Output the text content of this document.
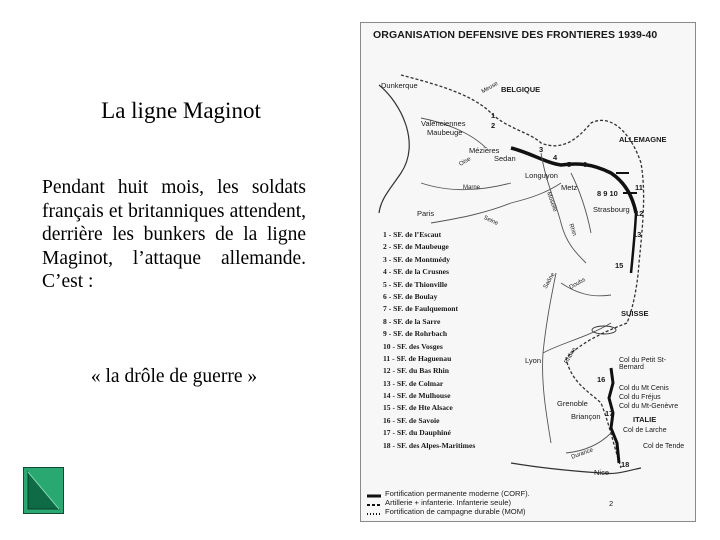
La ligne Maginot

Pendant huit mois, les soldats français et britanniques attendent, derrière les bunkers de la ligne Maginot, l’attaque allemande. C’est :

« la drôle de guerre »
ORGANISATION DEFENSIVE DES FRONTIERES 1939-40
Dunkerque	BELGIQUE
Valenciennes
Maubeuge
Mézières
Sedan
Longuyon
Metz
ALLEMAGNE
Strasbourg
Paris
SUISSE
Lyon
Grenoble
Briançon	ITALIE
Nice
Col du Petit St-Bernard
Col du Mt Cenis
Col du Fréjus
Col du Mt-Genèvre
Col de Larche
Col de Tende
Oise
Meuse
Marne
Seine
Moselle
Rhin
Saône Doubs
Rhône
Durance
1
2
3
4
5 6
8 9 10
11
12
13
15
16
17
18
1 - SF. de l’Escaut
2 - SF. de Maubeuge
3 - SF. de Montmédy
4 - SF. de la Crusnes
5 - SF. de Thionville
6 - SF. de Boulay
7 - SF. de Faulquemont
8 - SF. de la Sarre
9 - SF. de Rohrbach
10 - SF. des Vosges
11 - SF. de Haguenau
12 - SF. du Bas Rhin
13 - SF. de Colmar
14 - SF. de Mulhouse
15 - SF. de Hte Alsace
16 - SF. de Savoie
17 - SF. du Dauphiné
18 - SF. des Alpes-Maritimes
Fortification permanente moderne (CORF).
Artillerie + infanterie. Infanterie seule)
Fortification de campagne durable (MOM)
2
